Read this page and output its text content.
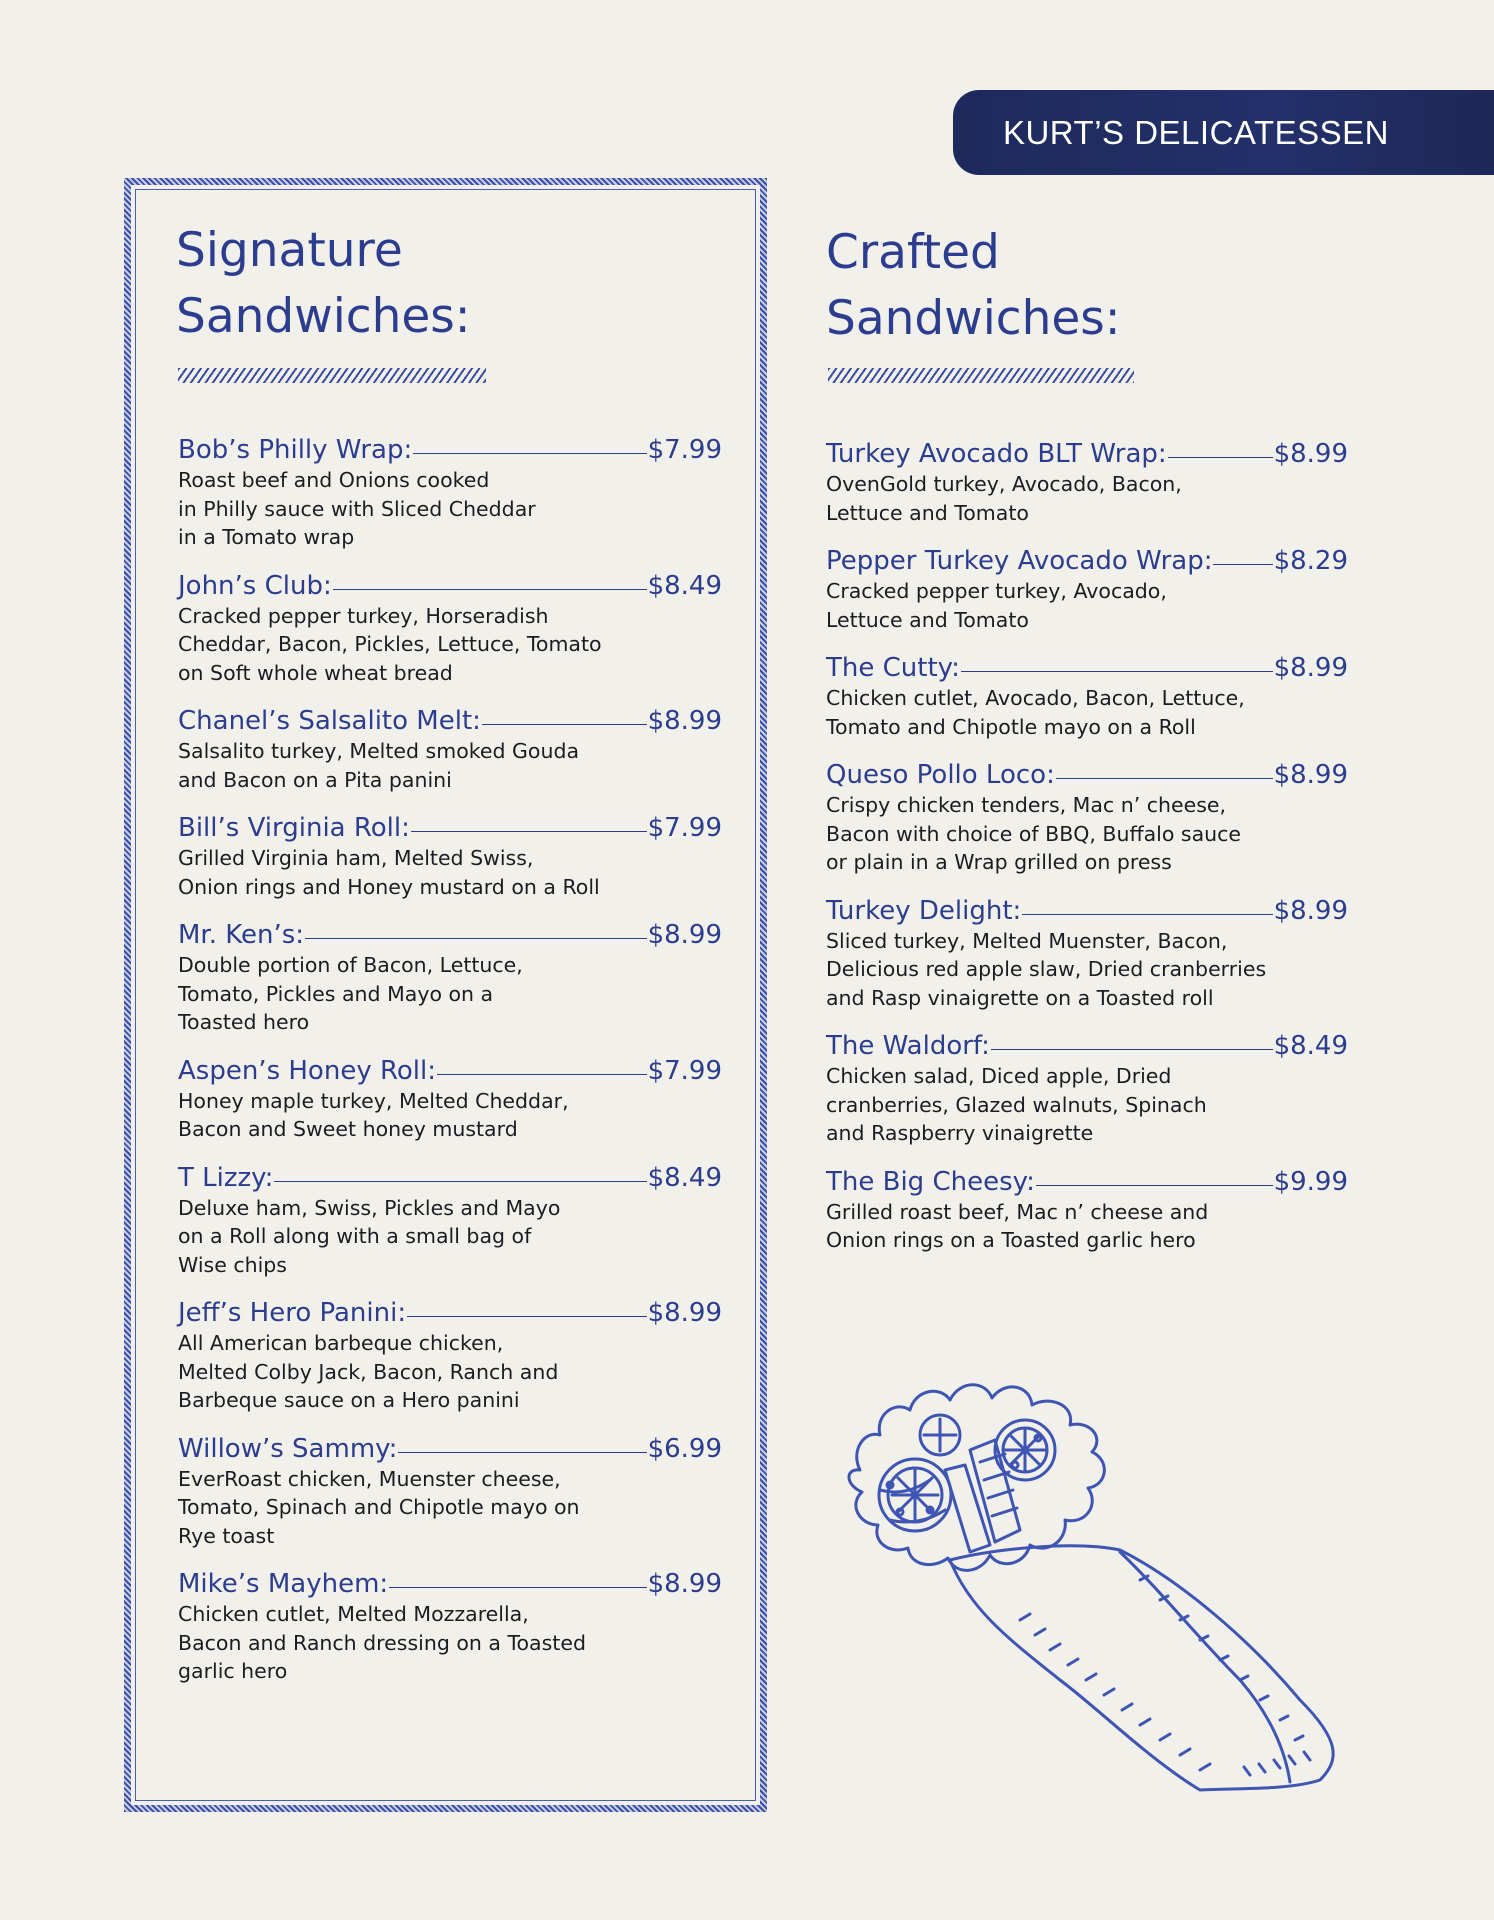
KURT’S DELICATESSEN
Signature
Sandwiches:
Crafted
Sandwiches:
Bob’s Philly Wrap:	$7.99
Roast beef and Onions cooked
in Philly sauce with Sliced Cheddar
in a Tomato wrap
John’s Club:	$8.49
Cracked pepper turkey, Horseradish
Cheddar, Bacon, Pickles, Lettuce, Tomato
on Soft whole wheat bread
Chanel’s Salsalito Melt:	$8.99
Salsalito turkey, Melted smoked Gouda
and Bacon on a Pita panini
Bill’s Virginia Roll:	$7.99
Grilled Virginia ham, Melted Swiss,
Onion rings and Honey mustard on a Roll
Mr. Ken’s:	$8.99
Double portion of Bacon, Lettuce,
Tomato, Pickles and Mayo on a
Toasted hero
Aspen’s Honey Roll:	$7.99
Honey maple turkey, Melted Cheddar,
Bacon and Sweet honey mustard
T Lizzy:	$8.49
Deluxe ham, Swiss, Pickles and Mayo
on a Roll along with a small bag of
Wise chips
Jeff’s Hero Panini:	$8.99
All American barbeque chicken,
Melted Colby Jack, Bacon, Ranch and
Barbeque sauce on a Hero panini
Willow’s Sammy:	$6.99
EverRoast chicken, Muenster cheese,
Tomato, Spinach and Chipotle mayo on
Rye toast
Mike’s Mayhem:	$8.99
Chicken cutlet, Melted Mozzarella,
Bacon and Ranch dressing on a Toasted
garlic hero
Turkey Avocado BLT Wrap:	$8.99
OvenGold turkey, Avocado, Bacon,
Lettuce and Tomato
Pepper Turkey Avocado Wrap: $8.29
Cracked pepper turkey, Avocado,
Lettuce and Tomato
The Cutty:	$8.99
Chicken cutlet, Avocado, Bacon, Lettuce,
Tomato and Chipotle mayo on a Roll
Queso Pollo Loco:	$8.99
Crispy chicken tenders, Mac n’ cheese,
Bacon with choice of BBQ, Buffalo sauce
or plain in a Wrap grilled on press
Turkey Delight:	$8.99
Sliced turkey, Melted Muenster, Bacon,
Delicious red apple slaw, Dried cranberries
and Rasp vinaigrette on a Toasted roll
The Waldorf:	$8.49
Chicken salad, Diced apple, Dried
cranberries, Glazed walnuts, Spinach
and Raspberry vinaigrette
The Big Cheesy:	$9.99
Grilled roast beef, Mac n’ cheese and
Onion rings on a Toasted garlic hero
